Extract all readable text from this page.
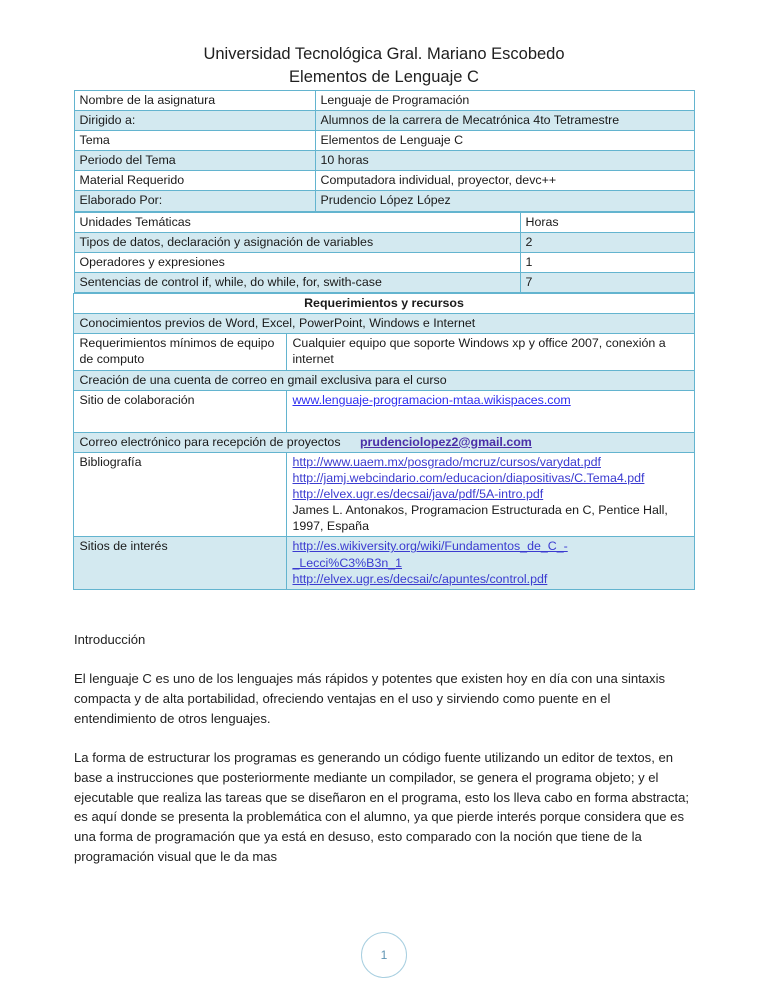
Universidad Tecnológica Gral. Mariano Escobedo
Elementos de Lenguaje C
Nombre de la asignatura	Lenguaje de Programación
Dirigido a:	Alumnos de la carrera de Mecatrónica 4to Tetramestre
Tema	Elementos de Lenguaje C
Periodo del Tema	10 horas
Material Requerido	Computadora individual, proyector, devc++
Elaborado Por:	Prudencio López López
Unidades Temáticas	Horas
Tipos de datos, declaración y asignación de variables	2
Operadores y expresiones	1
Sentencias de control if, while, do while, for, swith-case	7
Requerimientos y recursos	
Conocimientos previos de Word, Excel, PowerPoint, Windows e Internet	
Requerimientos mínimos de equipo de computo	Cualquier equipo que soporte Windows xp y office 2007, conexión a internet
Creación de una cuenta de correo en gmail exclusiva para el curso	
Sitio de colaboración	www.lenguaje-programacion-mtaa.wikispaces.com
Correo electrónico para recepción de proyectos prudenciolopez2@gmail.com	
Bibliografía	http://www.uaem.mx/posgrado/mcruz/cursos/varydat.pdf
http://jamj.webcindario.com/educacion/diapositivas/C.Tema4.pdf
http://elvex.ugr.es/decsai/java/pdf/5A-intro.pdf
James L. Antonakos, Programacion Estructurada en C, Pentice Hall, 1997, España
Sitios de interés	http://es.wikiversity.org/wiki/Fundamentos_de_C_-
_Lecci%C3%B3n_1
http://elvex.ugr.es/decsai/c/apuntes/control.pdf

Introducción

El lenguaje C es uno de los lenguajes más rápidos y potentes que existen hoy en día con una sintaxis compacta y de alta portabilidad, ofreciendo ventajas en el uso y sirviendo como puente en el entendimiento de otros lenguajes.

La forma de estructurar los programas es generando un código fuente utilizando un editor de textos, en base a instrucciones que posteriormente mediante un compilador, se genera el programa objeto; y el ejecutable que realiza las tareas que se diseñaron en el programa, esto los lleva cabo en forma abstracta; es aquí donde se presenta la problemática con el alumno, ya que pierde interés porque considera que es una forma de programación que ya está en desuso, esto comparado con la noción que tiene de la programación visual que le da mas

1
